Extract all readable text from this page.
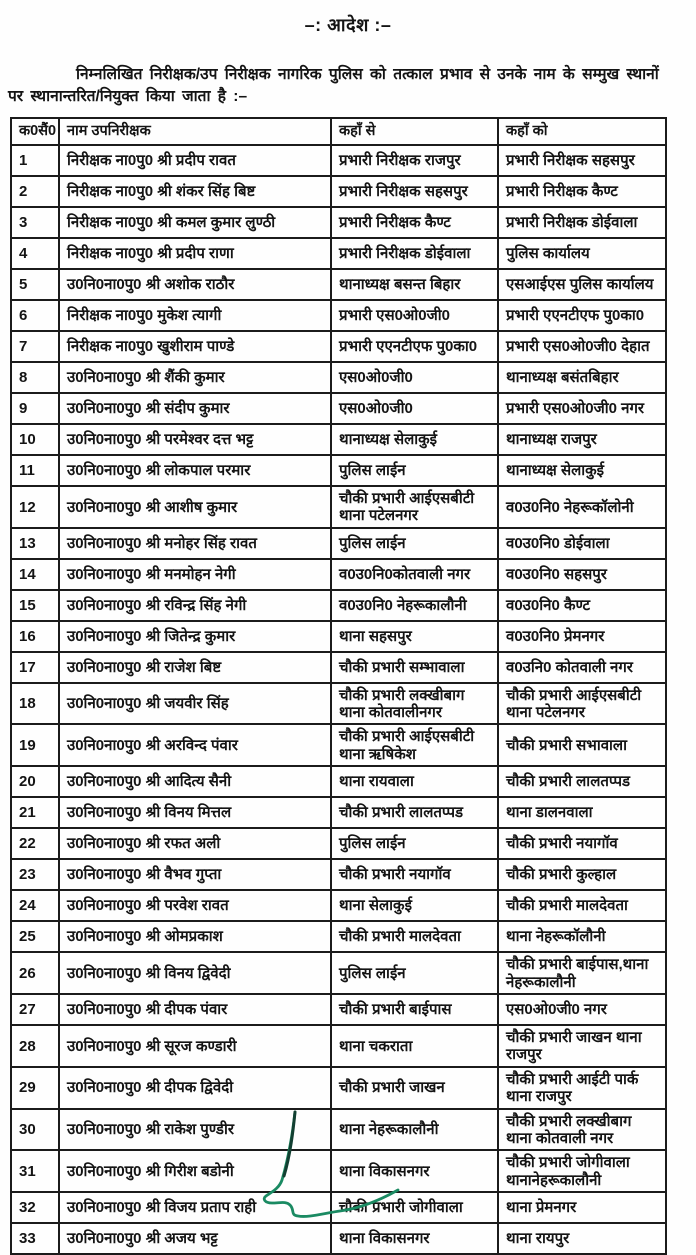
–: आदेश :–

निम्नलिखित निरीक्षक/उप निरीक्षक नागरिक पुलिस को तत्काल प्रभाव से उनके नाम के सम्मुख स्थानों पर स्थानान्तरित/नियुक्त किया जाता है :–

क0सैं0	नाम उपनिरीक्षक	कहाँ से	कहाँ को
1	निरीक्षक ना0पु0 श्री प्रदीप रावत	प्रभारी निरीक्षक राजपुर	प्रभारी निरीक्षक सहसपुर
2	निरीक्षक ना0पु0 श्री शंकर सिंह बिष्ट	प्रभारी निरीक्षक सहसपुर	प्रभारी निरीक्षक कैण्ट
3	निरीक्षक ना0पु0 श्री कमल कुमार लुण्ठी	प्रभारी निरीक्षक कैण्ट	प्रभारी निरीक्षक डोईवाला
4	निरीक्षक ना0पु0 श्री प्रदीप राणा	प्रभारी निरीक्षक डोईवाला	पुलिस कार्यालय
5	उ0नि0ना0पु0 श्री अशोक राठौर	थानाध्यक्ष बसन्त बिहार	एसआईएस पुलिस कार्यालय
6	निरीक्षक ना0पु0 मुकेश त्यागी	प्रभारी एस0ओ0जी0	प्रभारी एएनटीएफ पु0का0
7	निरीक्षक ना0पु0 खुशीराम पाण्डे	प्रभारी एएनटीएफ पु0का0	प्रभारी एस0ओ0जी0 देहात
8	उ0नि0ना0पु0 श्री शैंकी कुमार	एस0ओ0जी0	थानाध्यक्ष बसंतबिहार
9	उ0नि0ना0पु0 श्री संदीप कुमार	एस0ओ0जी0	प्रभारी एस0ओ0जी0 नगर
10	उ0नि0ना0पु0 श्री परमेश्वर दत्त भट्ट	थानाध्यक्ष सेलाकुई	थानाध्यक्ष राजपुर
11	उ0नि0ना0पु0 श्री लोकपाल परमार	पुलिस लाईन	थानाध्यक्ष सेलाकुई
12	उ0नि0ना0पु0 श्री आशीष कुमार	चौकी प्रभारी आईएसबीटी थाना पटेलनगर	व0उ0नि0 नेहरूकॉलोनी
13	उ0नि0ना0पु0 श्री मनोहर सिंह रावत	पुलिस लाईन	व0उ0नि0 डोईवाला
14	उ0नि0ना0पु0 श्री मनमोहन नेगी	व0उ0नि0कोतवाली नगर	व0उ0नि0 सहसपुर
15	उ0नि0ना0पु0 श्री रविन्द्र सिंह नेगी	व0उ0नि0 नेहरूकालौनी	व0उ0नि0 कैण्ट
16	उ0नि0ना0पु0 श्री जितेन्द्र कुमार	थाना सहसपुर	व0उ0नि0 प्रेमनगर
17	उ0नि0ना0पु0 श्री राजेश बिष्ट	चौकी प्रभारी सम्भावाला	व0उनि0 कोतवाली नगर
18	उ0नि0ना0पु0 श्री जयवीर सिंह	चौकी प्रभारी लक्खीबाग थाना कोतवालीनगर	चौकी प्रभारी आईएसबीटी थाना पटेलनगर
19	उ0नि0ना0पु0 श्री अरविन्द पंवार	चौकी प्रभारी आईएसबीटी थाना ऋषिकेश	चौकी प्रभारी सभावाला
20	उ0नि0ना0पु0 श्री आदित्य सैनी	थाना रायवाला	चौकी प्रभारी लालतप्पड
21	उ0नि0ना0पु0 श्री विनय मित्तल	चौकी प्रभारी लालतप्पड	थाना डालनवाला
22	उ0नि0ना0पु0 श्री रफत अली	पुलिस लाईन	चौकी प्रभारी नयागॉव
23	उ0नि0ना0पु0 श्री वैभव गुप्ता	चौकी प्रभारी नयागॉव	चौकी प्रभारी कुल्हाल
24	उ0नि0ना0पु0 श्री परवेश रावत	थाना सेलाकुई	चौकी प्रभारी मालदेवता
25	उ0नि0ना0पु0 श्री ओमप्रकाश	चौकी प्रभारी मालदेवता	थाना नेहरूकॉलौनी
26	उ0नि0ना0पु0 श्री विनय द्विवेदी	पुलिस लाईन	चौकी प्रभारी बाईपास,थाना नेहरूकालौनी
27	उ0नि0ना0पु0 श्री दीपक पंवार	चौकी प्रभारी बाईपास	एस0ओ0जी0 नगर
28	उ0नि0ना0पु0 श्री सूरज कण्डारी	थाना चकराता	चौकी प्रभारी जाखन थाना राजपुर
29	उ0नि0ना0पु0 श्री दीपक द्विवेदी	चौकी प्रभारी जाखन	चौकी प्रभारी आईटी पार्क थाना राजपुर
30	उ0नि0ना0पु0 श्री राकेश पुण्डीर	थाना नेहरूकालौनी	चौकी प्रभारी लक्खीबाग थाना कोतवाली नगर
31	उ0नि0ना0पु0 श्री गिरीश बडोनी	थाना विकासनगर	चौकी प्रभारी जोगीवाला थानानेहरूकालौनी
32	उ0नि0ना0पु0 श्री विजय प्रताप राही	चौकी प्रभारी जोगीवाला	थाना प्रेमनगर
33	उ0नि0ना0पु0 श्री अजय भट्ट	थाना विकासनगर	थाना रायपुर
